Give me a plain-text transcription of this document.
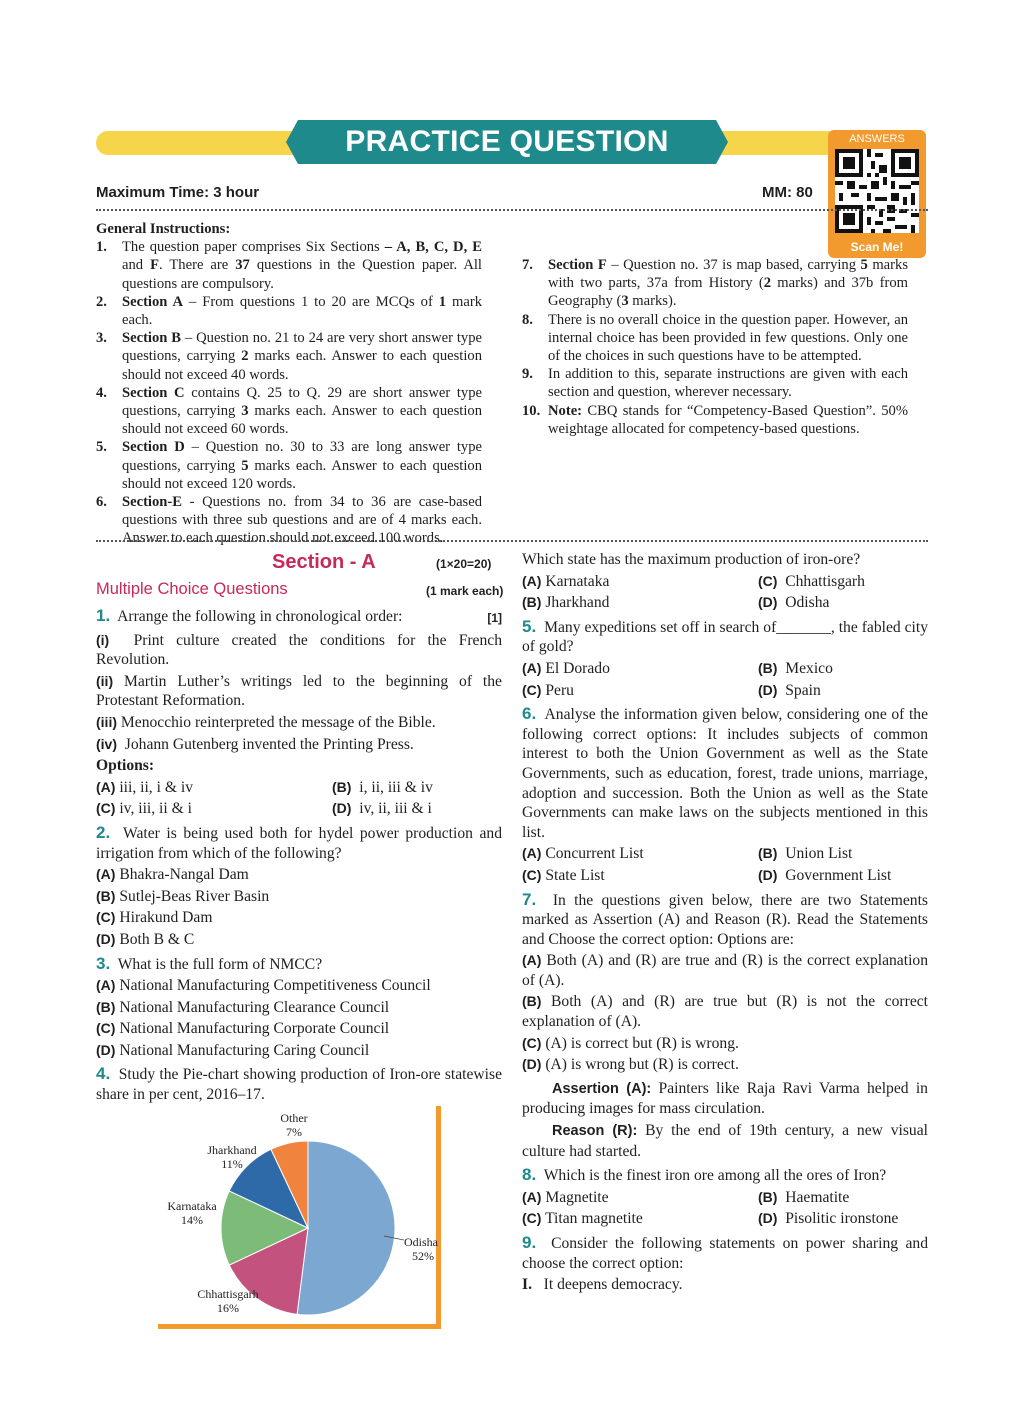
PRACTICE QUESTION PAPER 2
ANSWERS
Scan Me!
Maximum Time: 3 hour	MM: 80

General Instructions:

1. The question paper comprises Six Sections – A, B, C, D, E and F. There are 37 questions in the Question paper. All questions are compulsory.

2. Section A – From questions 1 to 20 are MCQs of 1 mark each.

3. Section B – Question no. 21 to 24 are very short answer type questions, carrying 2 marks each. Answer to each question should not exceed 40 words.

4. Section C contains Q. 25 to Q. 29 are short answer type questions, carrying 3 marks each. Answer to each question should not exceed 60 words.

5. Section D – Question no. 30 to 33 are long answer type questions, carrying 5 marks each. Answer to each question should not exceed 120 words.

6. Section-E - Questions no. from 34 to 36 are case-based questions with three sub questions and are of 4 marks each. Answer to each question should not exceed 100 words.

7. Section F – Question no. 37 is map based, carrying 5 marks with two parts, 37a from History (2 marks) and 37b from Geography (3 marks).

8. There is no overall choice in the question paper. However, an internal choice has been provided in few questions. Only one of the choices in such questions have to be attempted.

9. In addition to this, separate instructions are given with each section and question, wherever necessary.

10. Note: CBQ stands for “Competency-Based Question”. 50% weightage allocated for competency-based questions.

Section - A	(1×20=20)
Multiple Choice Questions	(1 mark each)

1. Arrange the following in chronological order:	[1]

(i) Print culture created the conditions for the French Revolution.

(ii) Martin Luther’s writings led to the beginning of the Protestant Reformation.

(iii) Menocchio reinterpreted the message of the Bible.

(iv) Johann Gutenberg invented the Printing Press.

Options:

(A) iii, ii, i & iv	(B) i, ii, iii & iv
(C) iv, iii, ii & i	(D) iv, ii, iii & i

2. Water is being used both for hydel power production and irrigation from which of the following?

(A) Bhakra-Nangal Dam

(B) Sutlej-Beas River Basin

(C) Hirakund Dam

(D) Both B & C

3. What is the full form of NMCC?

(A) National Manufacturing Competitiveness Council

(B) National Manufacturing Clearance Council

(C) National Manufacturing Corporate Council

(D) National Manufacturing Caring Council

4. Study the Pie-chart showing production of Iron-ore statewise share in per cent, 2016–17.

Odisha
52%
Chhattisgarh
16%
Karnataka
14%
Jharkhand
11%
Other
7%

Which state has the maximum production of iron-ore?

(A) Karnataka	(C) Chhattisgarh
(B) Jharkhand	(D) Odisha

5. Many expeditions set off in search of_______, the fabled city of gold?

(A) El Dorado	(B) Mexico
(C) Peru	(D) Spain

6. Analyse the information given below, considering one of the following correct options: It includes subjects of common interest to both the Union Government as well as the State Governments, such as education, forest, trade unions, marriage, adoption and succession. Both the Union as well as the State Governments can make laws on the subjects mentioned in this list.

(A) Concurrent List	(B) Union List
(C) State List	(D) Government List

7. In the questions given below, there are two Statements marked as Assertion (A) and Reason (R). Read the Statements and Choose the correct option: Options are:

(A) Both (A) and (R) are true and (R) is the correct explanation of (A).

(B) Both (A) and (R) are true but (R) is not the correct explanation of (A).

(C) (A) is correct but (R) is wrong.

(D) (A) is wrong but (R) is correct.

Assertion (A): Painters like Raja Ravi Varma helped in producing images for mass circulation.

Reason (R): By the end of 19th century, a new visual culture had started.

8. Which is the finest iron ore among all the ores of Iron?

(A) Magnetite	(B) Haematite
(C) Titan magnetite	(D) Pisolitic ironstone

9. Consider the following statements on power sharing and choose the correct option:

I. It deepens democracy.
